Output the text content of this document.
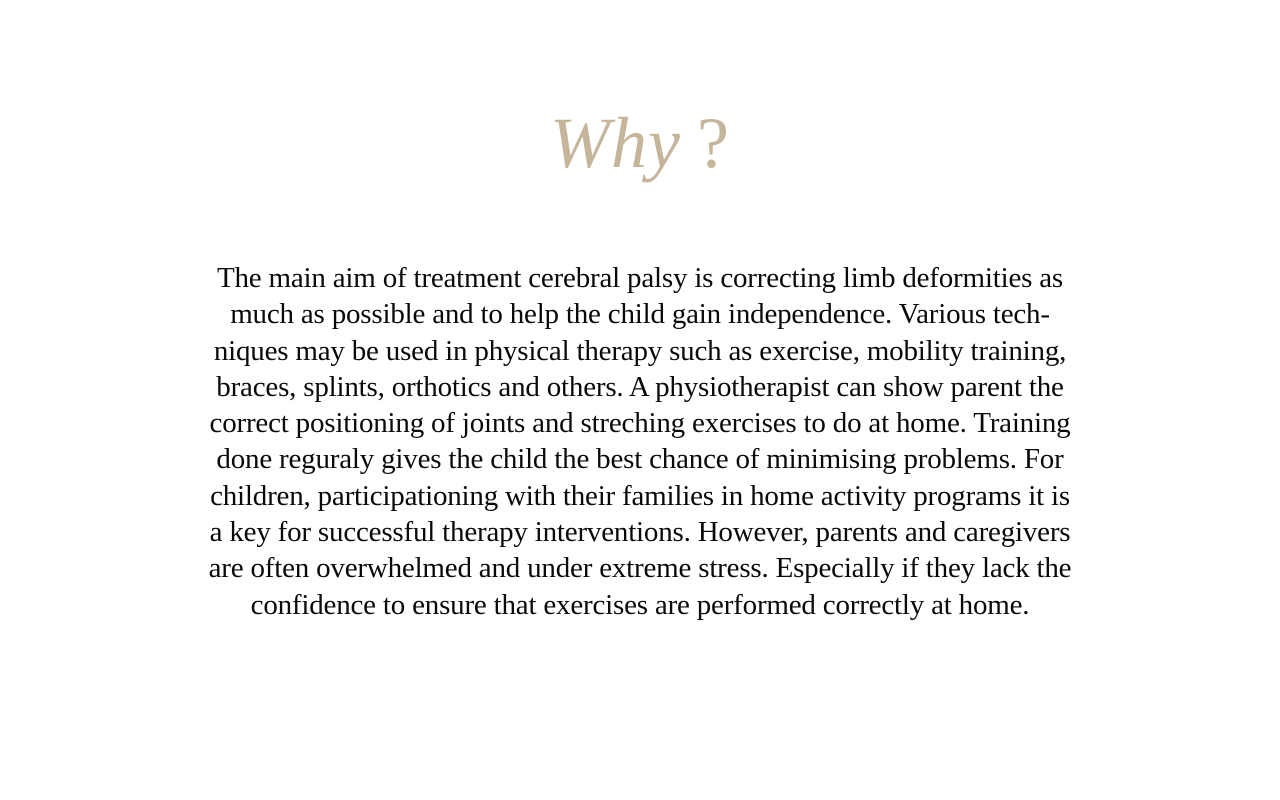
Why ?
The main aim of treatment cerebral palsy is correcting limb deformities as
much as possible and to help the child gain independence. Various tech-
niques may be used in physical therapy such as exercise, mobility training,
braces, splints, orthotics and others. A physiotherapist can show parent the
correct positioning of joints and streching exercises to do at home. Training
done reguraly gives the child the best chance of minimising problems. For
children, participationing with their families in home activity programs it is
a key for successful therapy interventions. However, parents and caregivers
are often overwhelmed and under extreme stress. Especially if they lack the
confidence to ensure that exercises are performed correctly at home.
